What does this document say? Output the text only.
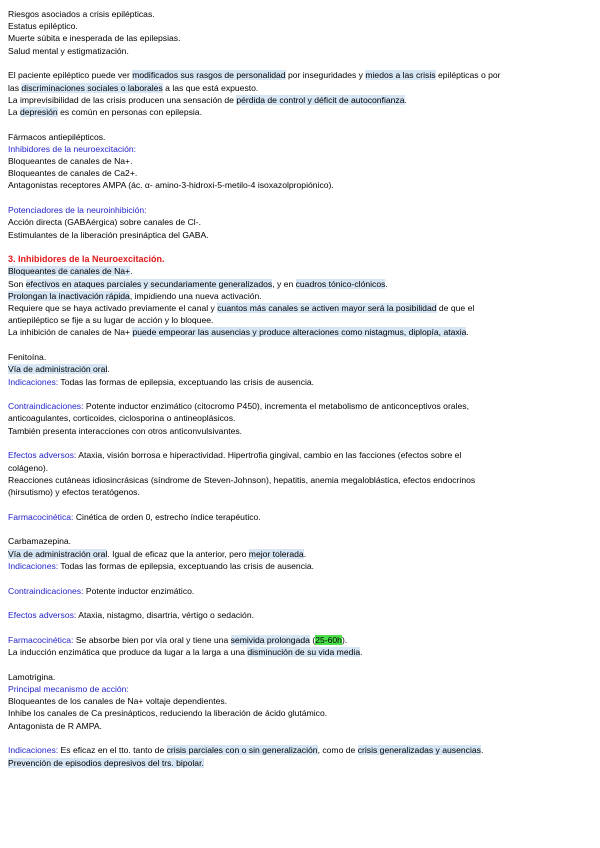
Riesgos asociados a crisis epilépticas.
Estatus epiléptico.
Muerte súbita e inesperada de las epilepsias.
Salud mental y estigmatización.
El paciente epiléptico puede ver modificados sus rasgos de personalidad por inseguridades y miedos a las crisis epilépticas o por
las discriminaciones sociales o laborales a las que está expuesto.
La imprevisibilidad de las crisis producen una sensación de pérdida de control y déficit de autoconfianza.
La depresión es común en personas con epilepsia.
Fármacos antiepilépticos.
Inhibidores de la neuroexcitación:
Bloqueantes de canales de Na+.
Bloqueantes de canales de Ca2+.
Antagonistas receptores AMPA (ác. α- amino-3-hidroxi-5-metilo-4 isoxazolpropiónico).
Potenciadores de la neuroinhibición:
Acción directa (GABAérgica) sobre canales de Cl-.
Estimulantes de la liberación presináptica del GABA.
3. Inhibidores de la Neuroexcitación.
Bloqueantes de canales de Na+.
Son efectivos en ataques parciales y secundariamente generalizados, y en cuadros tónico-clónicos.
Prolongan la inactivación rápida, impidiendo una nueva activación.
Requiere que se haya activado previamente el canal y cuantos más canales se activen mayor será la posibilidad de que el
antiepiléptico se fije a su lugar de acción y lo bloquee.
La inhibición de canales de Na+ puede empeorar las ausencias y produce alteraciones como nistagmus, diplopía, ataxia.
Fenitoína.
Vía de administración oral.
Indicaciones: Todas las formas de epilepsia, exceptuando las crisis de ausencia.
Contraindicaciones: Potente inductor enzimático (citocromo P450), incrementa el metabolismo de anticonceptivos orales,
anticoagulantes, corticoides, ciclosporina o antineoplásicos.
También presenta interacciones con otros anticonvulsivantes.
Efectos adversos: Ataxia, visión borrosa e hiperactividad. Hipertrofia gingival, cambio en las facciones (efectos sobre el
colágeno).
Reacciones cutáneas idiosincrásicas (síndrome de Steven-Johnson), hepatitis, anemia megaloblástica, efectos endocrinos
(hirsutismo) y efectos teratógenos.
Farmacocinética: Cinética de orden 0, estrecho índice terapéutico.
Carbamazepina.
Vía de administración oral. Igual de eficaz que la anterior, pero mejor tolerada.
Indicaciones: Todas las formas de epilepsia, exceptuando las crisis de ausencia.
Contraindicaciones: Potente inductor enzimático.
Efectos adversos: Ataxia, nistagmo, disartria, vértigo o sedación.
Farmacocinética: Se absorbe bien por vía oral y tiene una semivida prolongada (25-60h).
La inducción enzimática que produce da lugar a la larga a una disminución de su vida media.
Lamotrigina.
Principal mecanismo de acción:
Bloqueantes de los canales de Na+ voltaje dependientes.
Inhibe los canales de Ca presinápticos, reduciendo la liberación de ácido glutámico.
Antagonista de R AMPA.
Indicaciones: Es eficaz en el tto. tanto de crisis parciales con o sin generalización, como de crisis generalizadas y ausencias.
Prevención de episodios depresivos del trs. bipolar.
